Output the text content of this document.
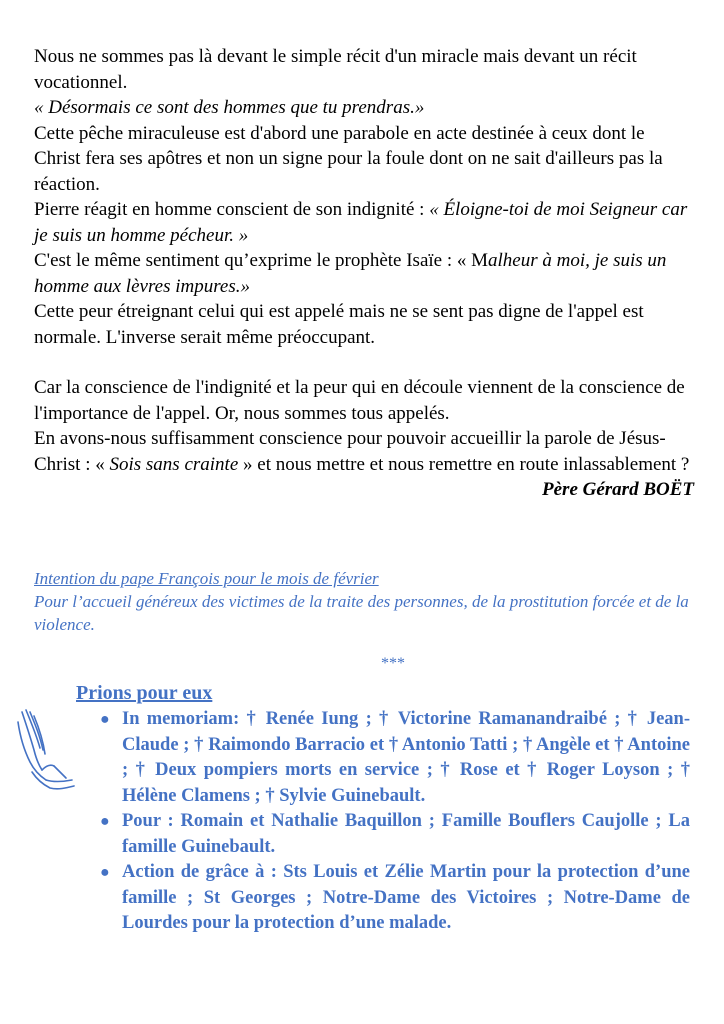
Nous ne sommes pas là devant le simple récit d'un miracle mais devant un récit vocationnel.

« Désormais ce sont des hommes que tu prendras.»

Cette pêche miraculeuse est d'abord une parabole en acte destinée à ceux dont le Christ fera ses apôtres et non un signe pour la foule dont on ne sait d'ailleurs pas la réaction.

Pierre réagit en homme conscient de son indignité : « Éloigne-toi de moi Seigneur car je suis un homme pécheur. »

C'est le même sentiment qu’exprime le prophète Isaïe : « Malheur à moi, je suis un homme aux lèvres impures.»

Cette peur étreignant celui qui est appelé mais ne se sent pas digne de l'appel est normale. L'inverse serait même préoccupant.

Car la conscience de l'indignité et la peur qui en découle viennent de la conscience de l'importance de l'appel. Or, nous sommes tous appelés.

En avons-nous suffisamment conscience pour pouvoir accueillir la parole de Jésus-Christ : « Sois sans crainte » et nous mettre et nous remettre en route inlassablement ?

Père Gérard BOËT

Intention du pape François pour le mois de février
Pour l’accueil généreux des victimes de la traite des personnes, de la prostitution forcée et de la violence.
***
Prions pour eux
● In memoriam: † Renée Iung ; † Victorine Ramanandraibé ; † Jean-Claude ; † Raimondo Barracio et † Antonio Tatti ; † Angèle et † Antoine ; † Deux pompiers morts en service ; † Rose et † Roger Loyson ; † Hélène Clamens ; † Sylvie Guinebault.
● Pour : Romain et Nathalie Baquillon ; Famille Bouflers Caujolle ; La famille Guinebault.
● Action de grâce à : Sts Louis et Zélie Martin pour la protection d’une famille ; St Georges ; Notre-Dame des Victoires ; Notre-Dame de Lourdes pour la protection d’une malade.
